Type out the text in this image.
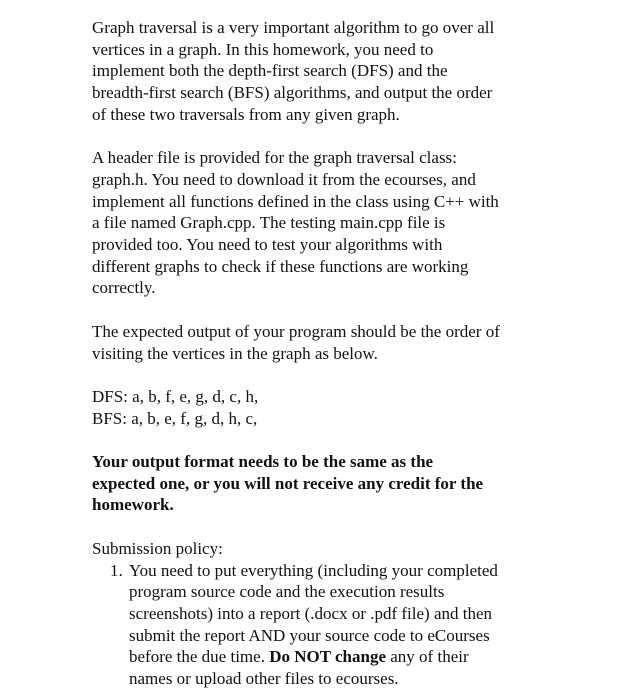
Graph traversal is a very important algorithm to go over all
vertices in a graph. In this homework, you need to
implement both the depth-first search (DFS) and the
breadth-first search (BFS) algorithms, and output the order
of these two traversals from any given graph.
A header file is provided for the graph traversal class:
graph.h. You need to download it from the ecourses, and
implement all functions defined in the class using C++ with
a file named Graph.cpp. The testing main.cpp file is
provided too. You need to test your algorithms with
different graphs to check if these functions are working
correctly.
The expected output of your program should be the order of
visiting the vertices in the graph as below.
DFS: a, b, f, e, g, d, c, h,
BFS: a, b, e, f, g, d, h, c,
Your output format needs to be the same as the
expected one, or you will not receive any credit for the
homework.
Submission policy:
1. You need to put everything (including your completed
program source code and the execution results
screenshots) into a report (.docx or .pdf file) and then
submit the report AND your source code to eCourses
before the due time. Do NOT change any of their
names or upload other files to ecourses.
